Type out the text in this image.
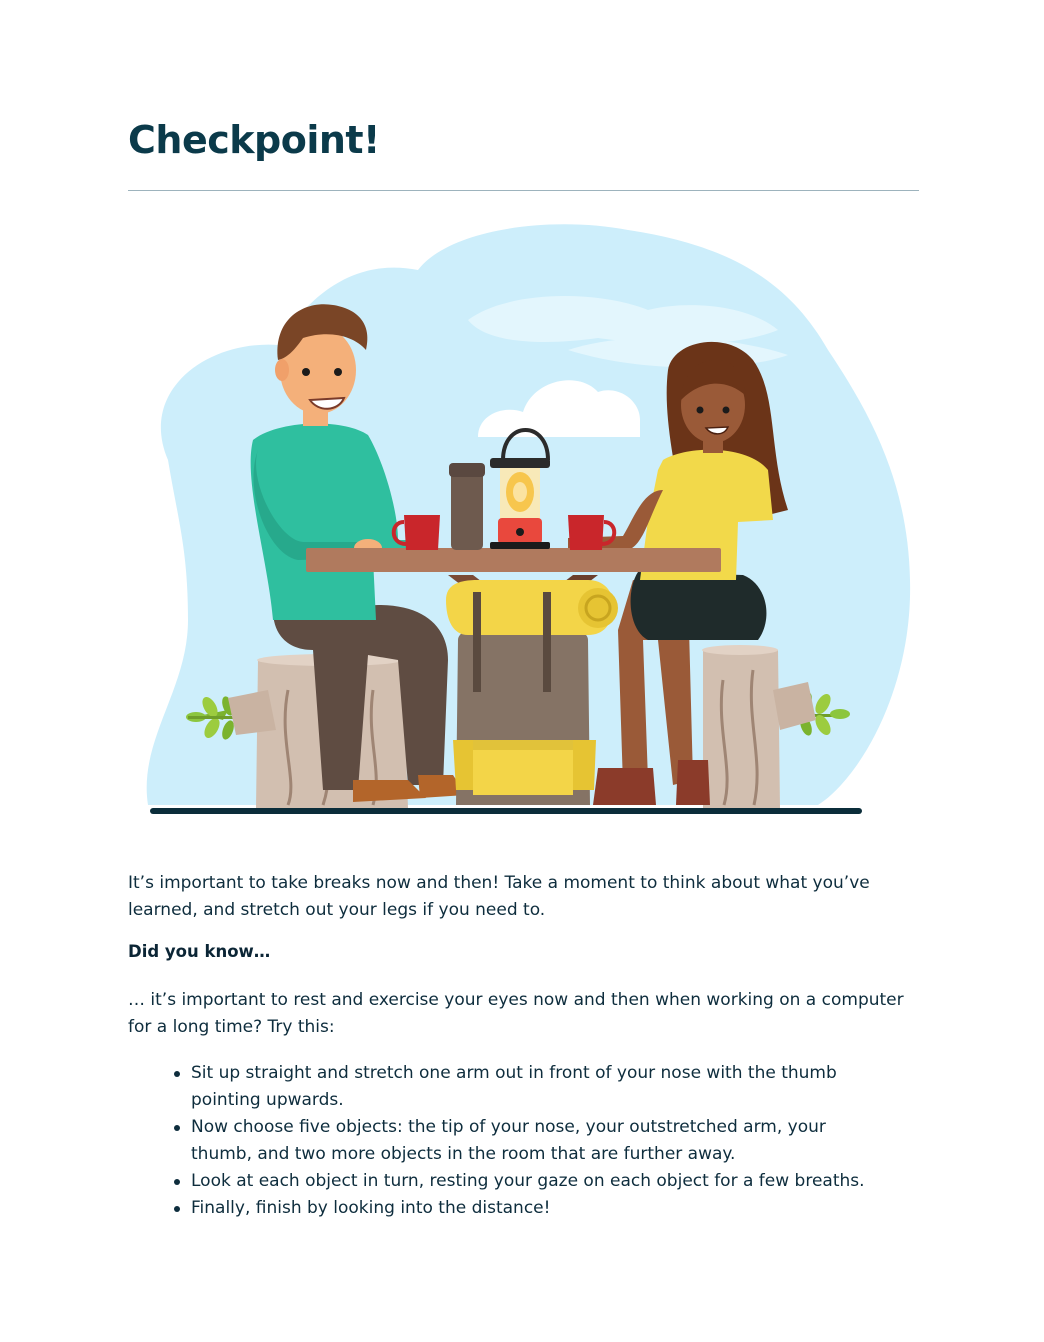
Checkpoint!

It’s important to take breaks now and then! Take a moment to think about what you’ve learned, and stretch out your legs if you need to.

Did you know…

… it’s important to rest and exercise your eyes now and then when working on a computer for a long time? Try this:

Sit up straight and stretch one arm out in front of your nose with the thumb pointing upwards.
Now choose five objects: the tip of your nose, your outstretched arm, your thumb, and two more objects in the room that are further away.
Look at each object in turn, resting your gaze on each object for a few breaths.
Finally, finish by looking into the distance!
